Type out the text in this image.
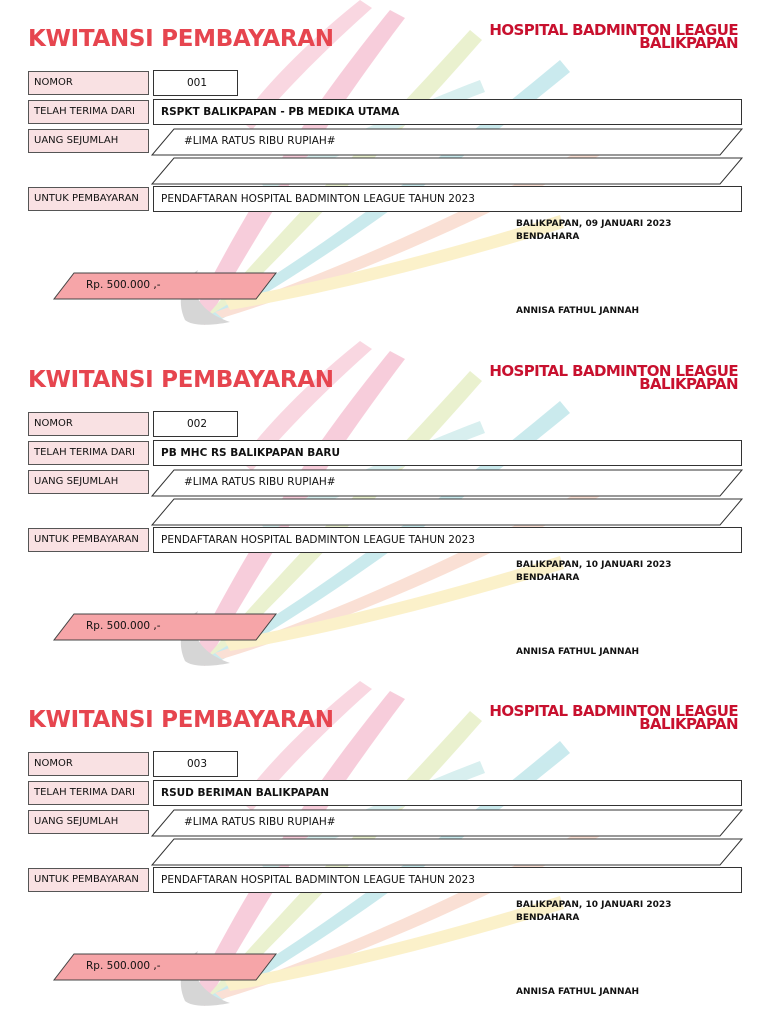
KWITANSI PEMBAYARAN	HOSPITAL BADMINTON LEAGUE
BALIKPAPAN
NOMOR	001
TELAH TERIMA DARI	RSPKT BALIKPAPAN - PB MEDIKA UTAMA
UANG SEJUMLAH	#LIMA RATUS RIBU RUPIAH#
UNTUK PEMBAYARAN	PENDAFTARAN HOSPITAL BADMINTON LEAGUE TAHUN 2023
BALIKPAPAN, 09 JANUARI 2023
BENDAHARA
Rp. 500.000 ,-
ANNISA FATHUL JANNAH
KWITANSI PEMBAYARAN	HOSPITAL BADMINTON LEAGUE
BALIKPAPAN
NOMOR	002
TELAH TERIMA DARI	PB MHC RS BALIKPAPAN BARU
UANG SEJUMLAH	#LIMA RATUS RIBU RUPIAH#
UNTUK PEMBAYARAN	PENDAFTARAN HOSPITAL BADMINTON LEAGUE TAHUN 2023
BALIKPAPAN, 10 JANUARI 2023
BENDAHARA
Rp. 500.000 ,-
ANNISA FATHUL JANNAH
KWITANSI PEMBAYARAN	HOSPITAL BADMINTON LEAGUE
BALIKPAPAN
NOMOR	003
TELAH TERIMA DARI	RSUD BERIMAN BALIKPAPAN
UANG SEJUMLAH	#LIMA RATUS RIBU RUPIAH#
UNTUK PEMBAYARAN	PENDAFTARAN HOSPITAL BADMINTON LEAGUE TAHUN 2023
BALIKPAPAN, 10 JANUARI 2023
BENDAHARA
Rp. 500.000 ,-
ANNISA FATHUL JANNAH
